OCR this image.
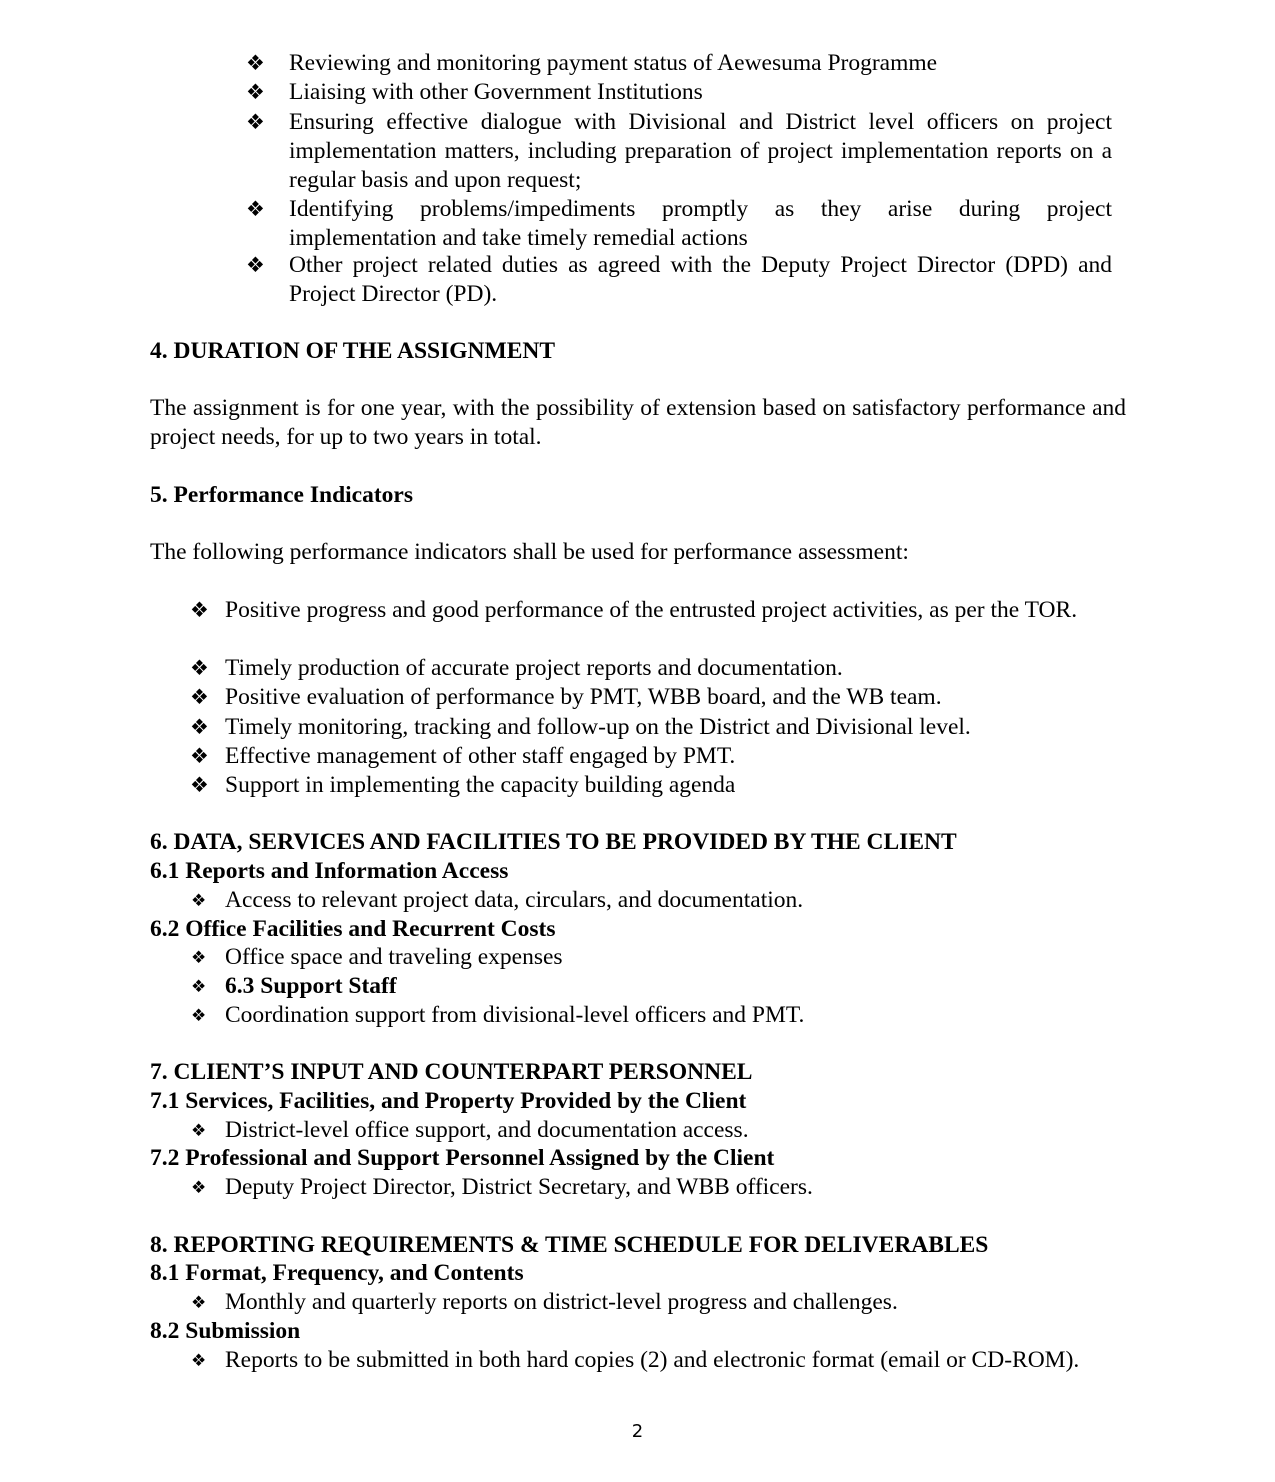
❖ Reviewing and monitoring payment status of Aewesuma Programme
❖ Liaising with other Government Institutions
❖ Ensuring effective dialogue with Divisional and District level officers on project implementation matters, including preparation of project implementation reports on a regular basis and upon request;
❖ Identifying problems/impediments promptly as they arise during project implementation and take timely remedial actions
❖ Other project related duties as agreed with the Deputy Project Director (DPD) and Project Director (PD).
4. DURATION OF THE ASSIGNMENT
The assignment is for one year, with the possibility of extension based on satisfactory performance and project needs, for up to two years in total.
5. Performance Indicators
The following performance indicators shall be used for performance assessment:
❖ Positive progress and good performance of the entrusted project activities, as per the TOR.
❖ Timely production of accurate project reports and documentation.
❖ Positive evaluation of performance by PMT, WBB board, and the WB team.
❖ Timely monitoring, tracking and follow-up on the District and Divisional level.
❖ Effective management of other staff engaged by PMT.
❖ Support in implementing the capacity building agenda
6. DATA, SERVICES AND FACILITIES TO BE PROVIDED BY THE CLIENT
6.1 Reports and Information Access
❖ Access to relevant project data, circulars, and documentation.
6.2 Office Facilities and Recurrent Costs
❖ Office space and traveling expenses
❖ 6.3 Support Staff
❖ Coordination support from divisional-level officers and PMT.
7. CLIENT’S INPUT AND COUNTERPART PERSONNEL
7.1 Services, Facilities, and Property Provided by the Client
❖ District-level office support, and documentation access.
7.2 Professional and Support Personnel Assigned by the Client
❖ Deputy Project Director, District Secretary, and WBB officers.
8. REPORTING REQUIREMENTS & TIME SCHEDULE FOR DELIVERABLES
8.1 Format, Frequency, and Contents
❖ Monthly and quarterly reports on district-level progress and challenges.
8.2 Submission
❖ Reports to be submitted in both hard copies (2) and electronic format (email or CD-ROM).
2
